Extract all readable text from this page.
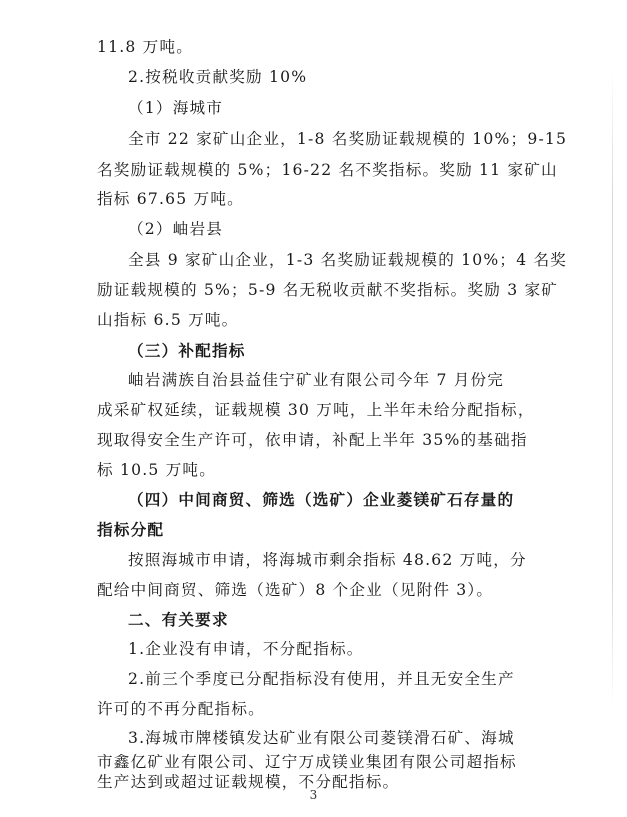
11.8 万吨。
2.按税收贡献奖励 10%
（1）海城市
全市 22 家矿山企业，1-8 名奖励证载规模的 10%；9-15
名奖励证载规模的 5%；16-22 名不奖指标。奖励 11 家矿山
指标 67.65 万吨。
（2）岫岩县
全县 9 家矿山企业，1-3 名奖励证载规模的 10%；4 名奖
励证载规模的 5%；5-9 名无税收贡献不奖指标。奖励 3 家矿
山指标 6.5 万吨。
（三）补配指标
岫岩满族自治县益佳宁矿业有限公司今年 7 月份完
成采矿权延续，证载规模 30 万吨，上半年未给分配指标，
现取得安全生产许可，依申请，补配上半年 35%的基础指
标 10.5 万吨。
（四）中间商贸、筛选（选矿）企业菱镁矿石存量的
指标分配
按照海城市申请，将海城市剩余指标 48.62 万吨，分
配给中间商贸、筛选（选矿）8 个企业（见附件 3）。
二、有关要求
1.企业没有申请，不分配指标。
2.前三个季度已分配指标没有使用，并且无安全生产
许可的不再分配指标。
3.海城市牌楼镇发达矿业有限公司菱镁滑石矿、海城
市鑫亿矿业有限公司、辽宁万成镁业集团有限公司超指标
生产达到或超过证载规模，不分配指标。
3
